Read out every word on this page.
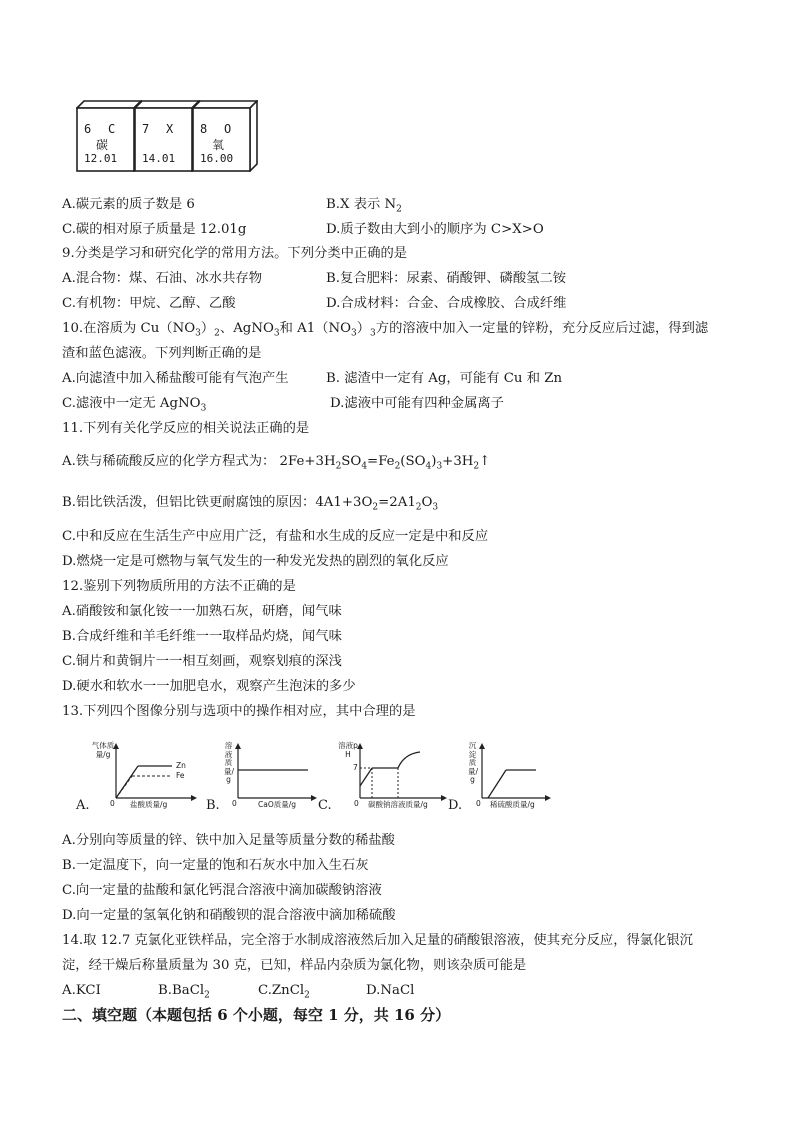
6 C
碳
12.01
7 X
14.01
8 O
氧
16.00
A.碳元素的质子数是 6	B.X 表示 $N_2$
C.碳的相对原子质量是 12.01g	D.质子数由大到小的顺序为 C>X>O
9.分类是学习和研究化学的常用方法。下列分类中正确的是
A.混合物：煤、石油、冰水共存物	B.复合肥料：尿素、硝酸钾、磷酸氢二铵
C.有机物：甲烷、乙醇、乙酸	D.合成材料：合金、合成橡胶、合成纤维
10.在溶质为 $Cu(NO_3)_2$、AgNO$_3$和 $A1(NO_3)_3$方的溶液中加入一定量的锌粉，充分反应后过滤，得到滤
渣和蓝色滤液。下列判断正确的是
A.向滤渣中加入稀盐酸可能有气泡产生	B. 滤渣中一定有 Ag，可能有 Cu 和 Zn
C.滤液中一定无 AgNO$_3$	D.滤液中可能有四种金属离子
11.下列有关化学反应的相关说法正确的是
A.铁与稀硫酸反应的化学方程式为： $2Fe+3H_2SO_4=Fe_2(SO_4)_3+3H_2↑$
B.铝比铁活泼，但铝比铁更耐腐蚀的原因：$4A1+3O_2=2A1_2O_3$
C.中和反应在生活生产中应用广泛，有盐和水生成的反应一定是中和反应
D.燃烧一定是可燃物与氧气发生的一种发光发热的剧烈的氧化反应
12.鉴别下列物质所用的方法不正确的是
A.硝酸铵和氯化铵一一加熟石灰，研磨，闻气味
B.合成纤维和羊毛纤维一一取样品灼烧，闻气味
C.铜片和黄铜片一一相互刻画，观察划痕的深浅
D.硬水和软水一一加肥皂水，观察产生泡沫的多少
13.下列四个图像分别与选项中的操作相对应，其中合理的是
气体质量/g
Zn
Fe
0 盐酸质量/g
A.
溶液质量/g
0	CaO质量/g
B.
溶液pH
7
0 碳酸钠溶液质量/g
C.
沉淀质量/g
0 稀硫酸质量/g
D.
A.分别向等质量的锌、铁中加入足量等质量分数的稀盐酸
B.一定温度下，向一定量的饱和石灰水中加入生石灰
C.向一定量的盐酸和氯化钙混合溶液中滴加碳酸钠溶液
D.向一定量的氢氧化钠和硝酸钡的混合溶液中滴加稀硫酸
14.取 12.7 克氯化亚铁样品，完全溶于水制成溶液然后加入足量的硝酸银溶液，使其充分反应，得氯化银沉
淀，经干燥后称量质量为 30 克，已知，样品内杂质为氯化物，则该杂质可能是
A.KCI	B.BaCl$_2$	C.ZnCl$_2$	D.NaCl
二、填空题（本题包括 6 个小题，每空 1 分，共 16 分）
